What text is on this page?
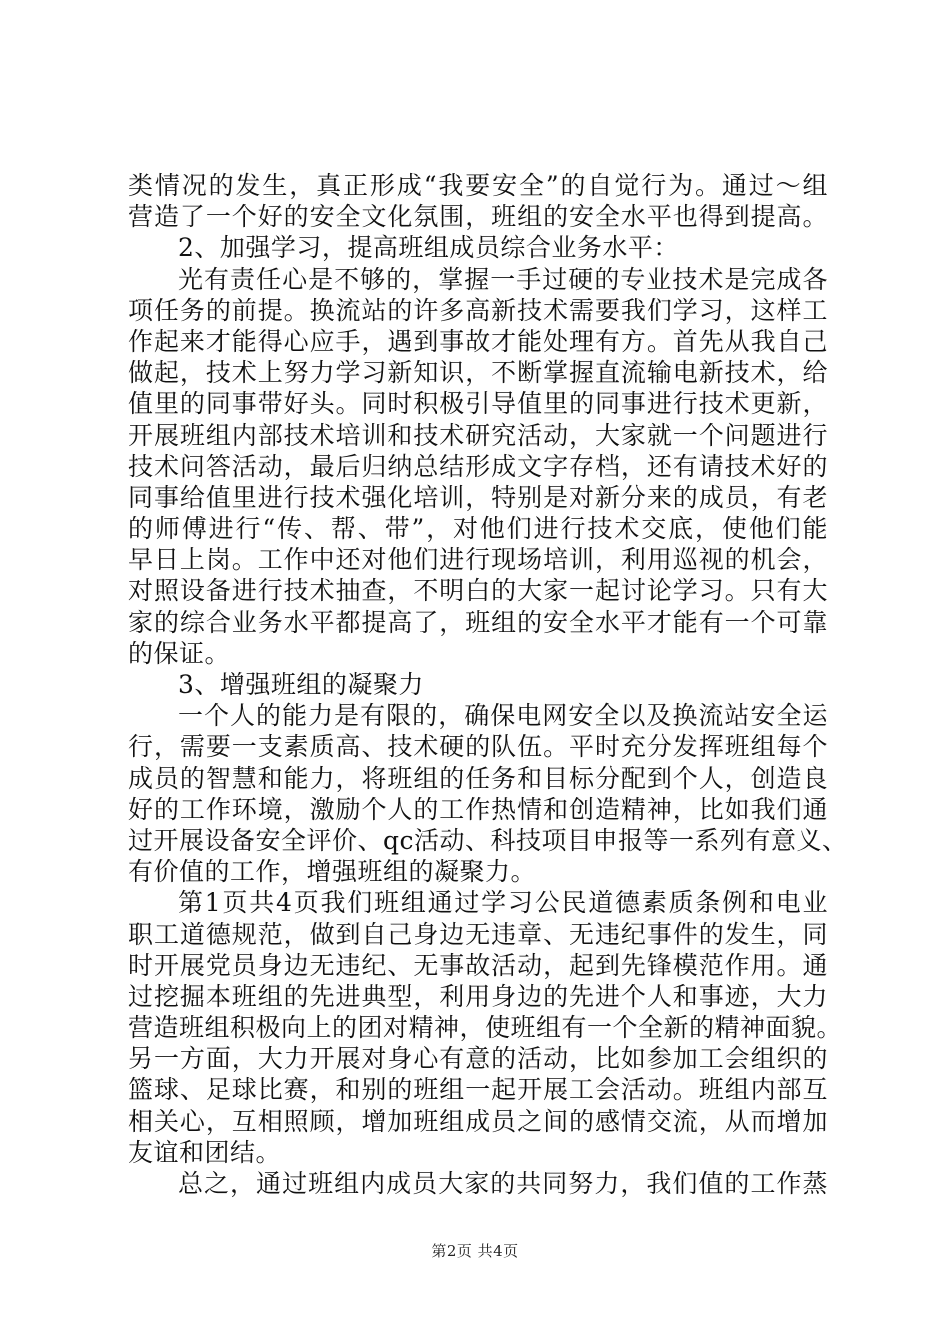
类情况的发生，真正形成“我要安全”的自觉行为。通过～组
营造了一个好的安全文化氛围，班组的安全水平也得到提高。
2、加强学习，提高班组成员综合业务水平：
光有责任心是不够的，掌握一手过硬的专业技术是完成各
项任务的前提。换流站的许多高新技术需要我们学习，这样工
作起来才能得心应手，遇到事故才能处理有方。首先从我自己
做起，技术上努力学习新知识，不断掌握直流输电新技术，给
值里的同事带好头。同时积极引导值里的同事进行技术更新，
开展班组内部技术培训和技术研究活动，大家就一个问题进行
技术问答活动，最后归纳总结形成文字存档，还有请技术好的
同事给值里进行技术强化培训，特别是对新分来的成员，有老
的师傅进行“传、帮、带”，对他们进行技术交底，使他们能
早日上岗。工作中还对他们进行现场培训，利用巡视的机会，
对照设备进行技术抽查，不明白的大家一起讨论学习。只有大
家的综合业务水平都提高了，班组的安全水平才能有一个可靠
的保证。
3、增强班组的凝聚力
一个人的能力是有限的，确保电网安全以及换流站安全运
行，需要一支素质高、技术硬的队伍。平时充分发挥班组每个
成员的智慧和能力，将班组的任务和目标分配到个人，创造良
好的工作环境，激励个人的工作热情和创造精神，比如我们通
过开展设备安全评价、qc活动、科技项目申报等一系列有意义、
有价值的工作，增强班组的凝聚力。
第1页共4页我们班组通过学习公民道德素质条例和电业
职工道德规范，做到自己身边无违章、无违纪事件的发生，同
时开展党员身边无违纪、无事故活动，起到先锋模范作用。通
过挖掘本班组的先进典型，利用身边的先进个人和事迹，大力
营造班组积极向上的团对精神，使班组有一个全新的精神面貌。
另一方面，大力开展对身心有意的活动，比如参加工会组织的
篮球、足球比赛，和别的班组一起开展工会活动。班组内部互
相关心，互相照顾，增加班组成员之间的感情交流，从而增加
友谊和团结。
总之，通过班组内成员大家的共同努力，我们值的工作蒸
第2页 共4页
